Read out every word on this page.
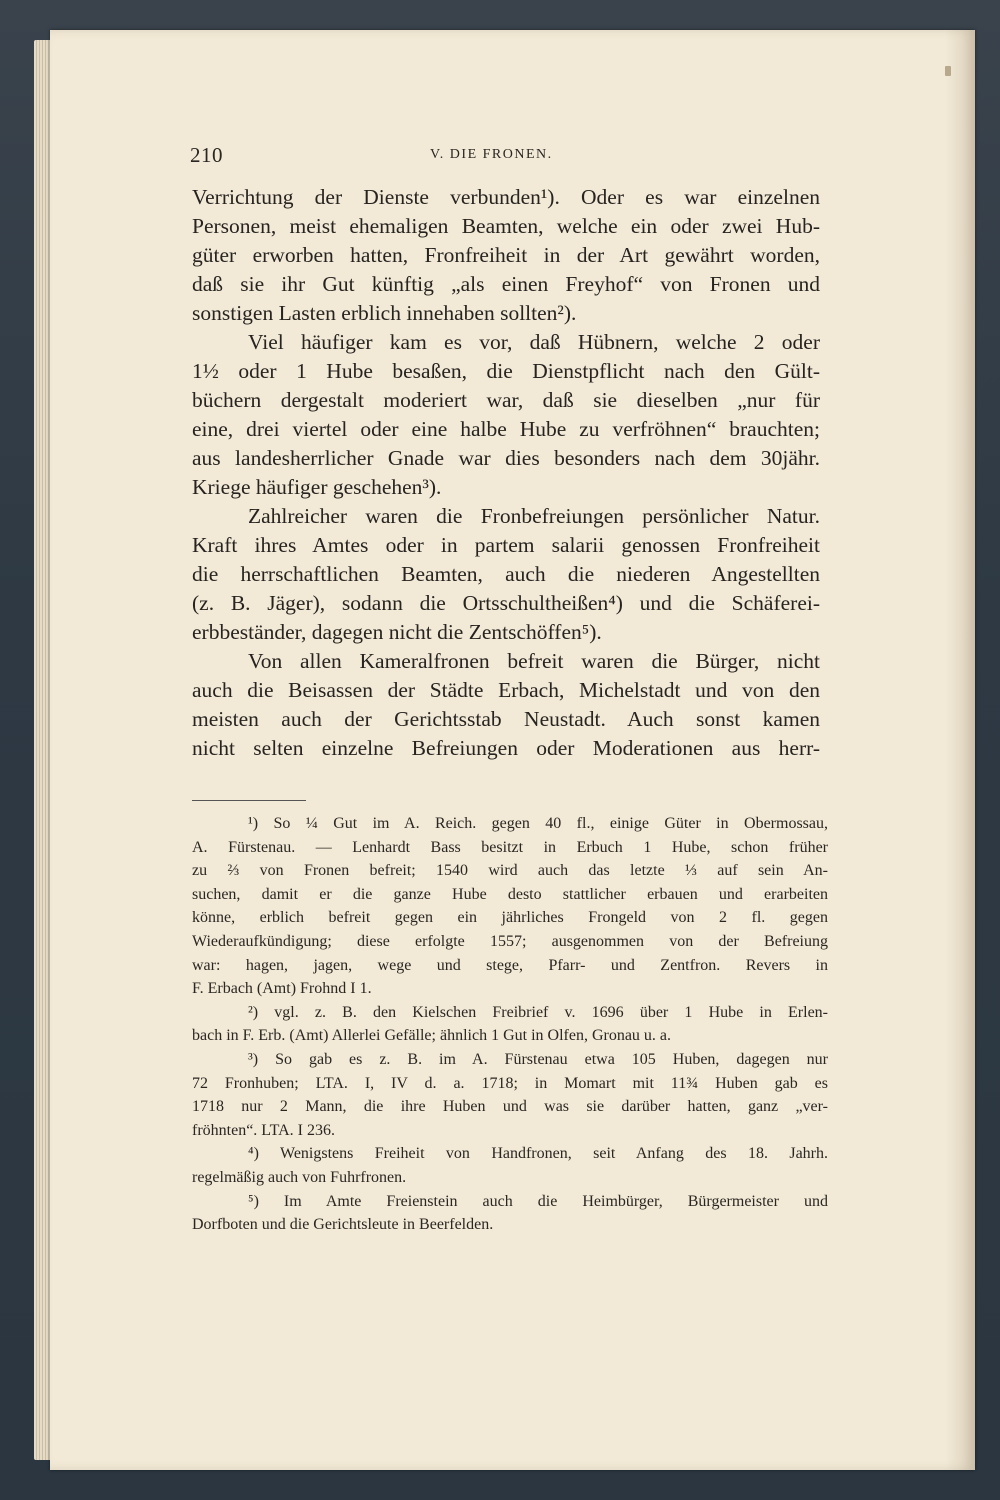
210	V. DIE FRONEN.

Verrichtung der Dienste verbunden¹). Oder es war einzelnen

Personen, meist ehemaligen Beamten, welche ein oder zwei Hub-

güter erworben hatten, Fronfreiheit in der Art gewährt worden,

daß sie ihr Gut künftig „als einen Freyhof“ von Fronen und

sonstigen Lasten erblich innehaben sollten²).

Viel häufiger kam es vor, daß Hübnern, welche 2 oder

1½ oder 1 Hube besaßen, die Dienstpflicht nach den Gült-

büchern dergestalt moderiert war, daß sie dieselben „nur für

eine, drei viertel oder eine halbe Hube zu verfröhnen“ brauchten;

aus landesherrlicher Gnade war dies besonders nach dem 30jähr.

Kriege häufiger geschehen³).

Zahlreicher waren die Fronbefreiungen persönlicher Natur.

Kraft ihres Amtes oder in partem salarii genossen Fronfreiheit

die herrschaftlichen Beamten, auch die niederen Angestellten

(z. B. Jäger), sodann die Ortsschultheißen⁴) und die Schäferei-

erbbeständer, dagegen nicht die Zentschöffen⁵).

Von allen Kameralfronen befreit waren die Bürger, nicht

auch die Beisassen der Städte Erbach, Michelstadt und von den

meisten auch der Gerichtsstab Neustadt. Auch sonst kamen

nicht selten einzelne Befreiungen oder Moderationen aus herr-

¹) So ¼ Gut im A. Reich. gegen 40 fl., einige Güter in Obermossau,

A. Fürstenau. — Lenhardt Bass besitzt in Erbuch 1 Hube, schon früher

zu ⅔ von Fronen befreit; 1540 wird auch das letzte ⅓ auf sein An-

suchen, damit er die ganze Hube desto stattlicher erbauen und erarbeiten

könne, erblich befreit gegen ein jährliches Frongeld von 2 fl. gegen

Wiederaufkündigung; diese erfolgte 1557; ausgenommen von der Befreiung

war: hagen, jagen, wege und stege, Pfarr- und Zentfron. Revers in

F. Erbach (Amt) Frohnd I 1.

²) vgl. z. B. den Kielschen Freibrief v. 1696 über 1 Hube in Erlen-

bach in F. Erb. (Amt) Allerlei Gefälle; ähnlich 1 Gut in Olfen, Gronau u. a.

³) So gab es z. B. im A. Fürstenau etwa 105 Huben, dagegen nur

72 Fronhuben; LTA. I, IV d. a. 1718; in Momart mit 11¾ Huben gab es

1718 nur 2 Mann, die ihre Huben und was sie darüber hatten, ganz „ver-

fröhnten“. LTA. I 236.

⁴) Wenigstens Freiheit von Handfronen, seit Anfang des 18. Jahrh.

regelmäßig auch von Fuhrfronen.

⁵) Im Amte Freienstein auch die Heimbürger, Bürgermeister und

Dorfboten und die Gerichtsleute in Beerfelden.
